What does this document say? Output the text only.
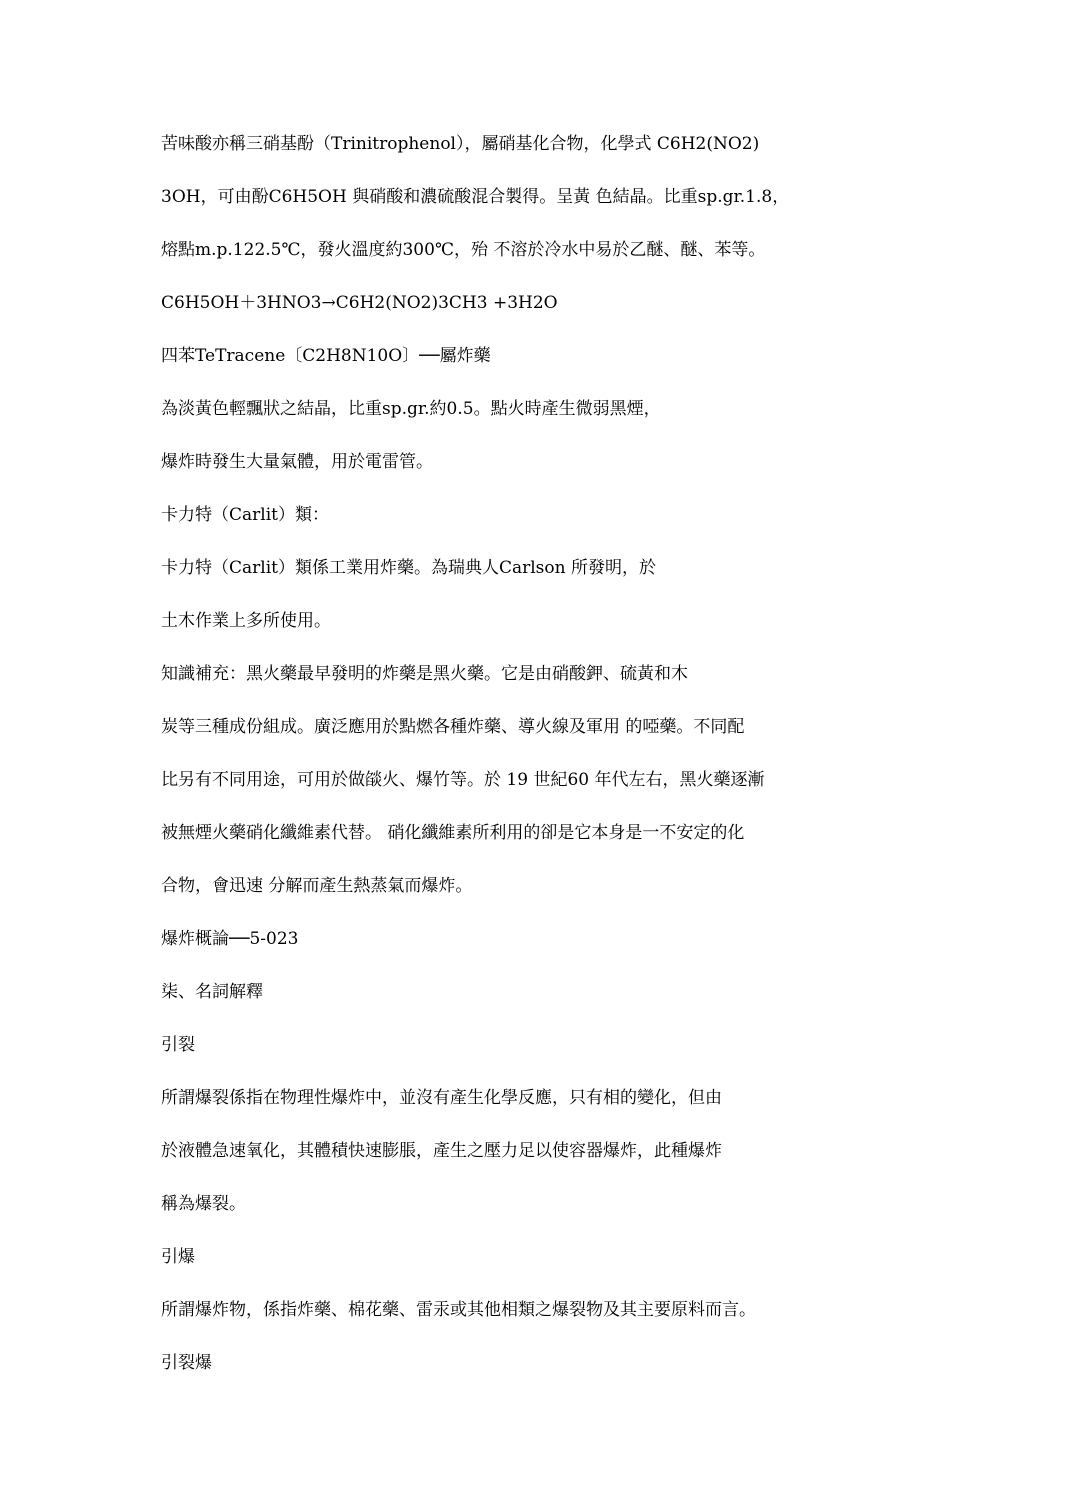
苦味酸亦稱三硝基酚（Trinitrophenol），屬硝基化合物，化學式 C6H2(NO2)
3OH，可由酚C6H5OH 與硝酸和濃硫酸混合製得。呈黃 色結晶。比重sp.gr.1.8，
熔點m.p.122.5℃，發火溫度約300℃，殆 不溶於冷水中易於乙醚、醚、苯等。
C6H5OH＋3HNO3→C6H2(NO2)3CH3 +3H2O
四苯TeTracene〔C2H8N10O〕──屬炸藥
為淡黃色輕飄狀之結晶，比重sp.gr.約0.5。點火時產生微弱黑煙，
爆炸時發生大量氣體，用於電雷管。
卡力特（Carlit）類：
卡力特（Carlit）類係工業用炸藥。為瑞典人Carlson 所發明，於
土木作業上多所使用。
知識補充：黑火藥最早發明的炸藥是黑火藥。它是由硝酸鉀、硫黃和木
炭等三種成份組成。廣泛應用於點燃各種炸藥、導火線及軍用 的啞藥。不同配
比另有不同用途，可用於做燄火、爆竹等。於 19 世紀60 年代左右，黑火藥逐漸
被無煙火藥硝化纖維素代替。 硝化纖維素所利用的卻是它本身是一不安定的化
合物，會迅速 分解而產生熱蒸氣而爆炸。
爆炸概論──5-023
柒、名詞解釋
引裂
所謂爆裂係指在物理性爆炸中，並沒有產生化學反應，只有相的變化，但由
於液體急速氧化，其體積快速膨脹，產生之壓力足以使容器爆炸，此種爆炸
稱為爆裂。
引爆
所謂爆炸物，係指炸藥、棉花藥、雷汞或其他相類之爆裂物及其主要原料而言。
引裂爆
